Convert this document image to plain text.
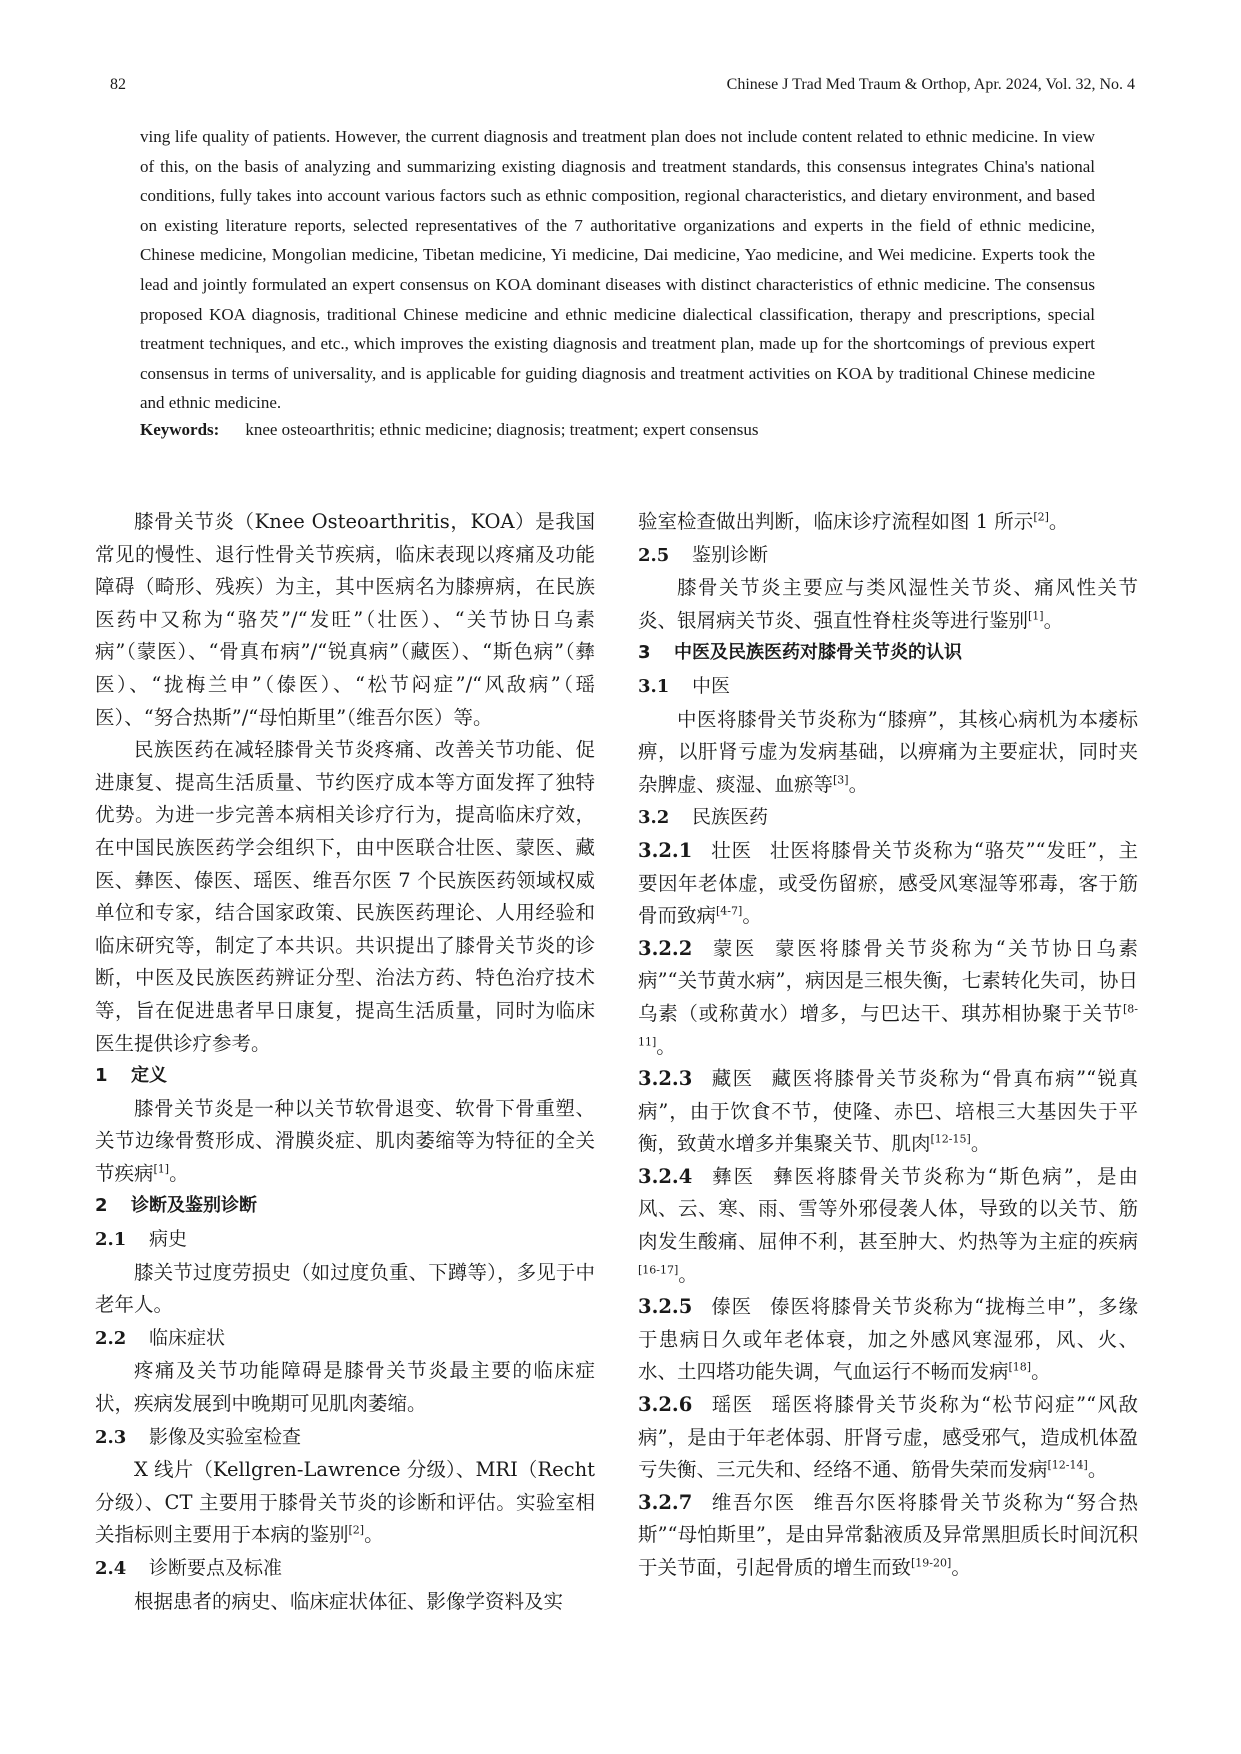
82	Chinese J Trad Med Traum & Orthop, Apr. 2024, Vol. 32, No. 4

ving life quality of patients. However, the current diagnosis and treatment plan does not include content related to ethnic medicine. In view of this, on the basis of analyzing and summarizing existing diagnosis and treatment standards, this consensus integrates China's national conditions, fully takes into account various factors such as ethnic composition, regional characteristics, and dietary environment, and based on existing literature reports, selected representatives of the 7 authoritative organizations and experts in the field of ethnic medicine, Chinese medicine, Mongolian medicine, Tibetan medicine, Yi medicine, Dai medicine, Yao medicine, and Wei medicine. Experts took the lead and jointly formulated an expert consensus on KOA dominant diseases with distinct characteristics of ethnic medicine. The consensus proposed KOA diagnosis, traditional Chinese medicine and ethnic medicine dialectical classification, therapy and prescriptions, special treatment techniques, and etc., which improves the existing diagnosis and treatment plan, made up for the shortcomings of previous expert consensus in terms of universality, and is applicable for guiding diagnosis and treatment activities on KOA by traditional Chinese medicine and ethnic medicine.

Keywords: knee osteoarthritis; ethnic medicine; diagnosis; treatment; expert consensus

膝骨关节炎（Knee Osteoarthritis，KOA）是我国常见的慢性、退行性骨关节疾病，临床表现以疼痛及功能障碍（畸形、残疾）为主，其中医病名为膝痹病，在民族医药中又称为“骆芡”/“发旺”（壮医）、“关节协日乌素病”（蒙医）、“骨真布病”/“锐真病”（藏医）、“斯色病”（彝医）、“拢梅兰申”（傣医）、“松节闷症”/“风敌病”（瑶医）、“努合热斯”/“母怕斯里”（维吾尔医）等。

民族医药在减轻膝骨关节炎疼痛、改善关节功能、促进康复、提高生活质量、节约医疗成本等方面发挥了独特优势。为进一步完善本病相关诊疗行为，提高临床疗效，在中国民族医药学会组织下，由中医联合壮医、蒙医、藏医、彝医、傣医、瑶医、维吾尔医 7 个民族医药领域权威单位和专家，结合国家政策、民族医药理论、人用经验和临床研究等，制定了本共识。共识提出了膝骨关节炎的诊断，中医及民族医药辨证分型、治法方药、特色治疗技术等，旨在促进患者早日康复，提高生活质量，同时为临床医生提供诊疗参考。

1 定义

膝骨关节炎是一种以关节软骨退变、软骨下骨重塑、关节边缘骨赘形成、滑膜炎症、肌肉萎缩等为特征的全关节疾病[1]。

2 诊断及鉴别诊断

2.1 病史

膝关节过度劳损史（如过度负重、下蹲等），多见于中老年人。

2.2 临床症状

疼痛及关节功能障碍是膝骨关节炎最主要的临床症状，疾病发展到中晚期可见肌肉萎缩。

2.3 影像及实验室检查

X 线片（Kellgren-Lawrence 分级）、MRI（Recht 分级）、CT 主要用于膝骨关节炎的诊断和评估。实验室相关指标则主要用于本病的鉴别[2]。

2.4 诊断要点及标准

根据患者的病史、临床症状体征、影像学资料及实

验室检查做出判断，临床诊疗流程如图 1 所示[2]。

2.5 鉴别诊断

膝骨关节炎主要应与类风湿性关节炎、痛风性关节炎、银屑病关节炎、强直性脊柱炎等进行鉴别[1]。

3 中医及民族医药对膝骨关节炎的认识

3.1 中医

中医将膝骨关节炎称为“膝痹”，其核心病机为本痿标痹，以肝肾亏虚为发病基础，以痹痛为主要症状，同时夹杂脾虚、痰湿、血瘀等[3]。

3.2 民族医药

3.2.1 壮医 壮医将膝骨关节炎称为“骆芡”“发旺”，主要因年老体虚，或受伤留瘀，感受风寒湿等邪毒，客于筋骨而致病[4-7]。

3.2.2 蒙医 蒙医将膝骨关节炎称为“关节协日乌素病”“关节黄水病”，病因是三根失衡，七素转化失司，协日乌素（或称黄水）增多，与巴达干、琪苏相协聚于关节[8-11]。

3.2.3 藏医 藏医将膝骨关节炎称为“骨真布病”“锐真病”，由于饮食不节，使隆、赤巴、培根三大基因失于平衡，致黄水增多并集聚关节、肌肉[12-15]。

3.2.4 彝医 彝医将膝骨关节炎称为“斯色病”，是由风、云、寒、雨、雪等外邪侵袭人体，导致的以关节、筋肉发生酸痛、屈伸不利，甚至肿大、灼热等为主症的疾病[16-17]。

3.2.5 傣医 傣医将膝骨关节炎称为“拢梅兰申”，多缘于患病日久或年老体衰，加之外感风寒湿邪，风、火、水、土四塔功能失调，气血运行不畅而发病[18]。

3.2.6 瑶医 瑶医将膝骨关节炎称为“松节闷症”“风敌病”，是由于年老体弱、肝肾亏虚，感受邪气，造成机体盈亏失衡、三元失和、经络不通、筋骨失荣而发病[12-14]。

3.2.7 维吾尔医 维吾尔医将膝骨关节炎称为“努合热斯”“母怕斯里”，是由异常黏液质及异常黑胆质长时间沉积于关节面，引起骨质的增生而致[19-20]。
